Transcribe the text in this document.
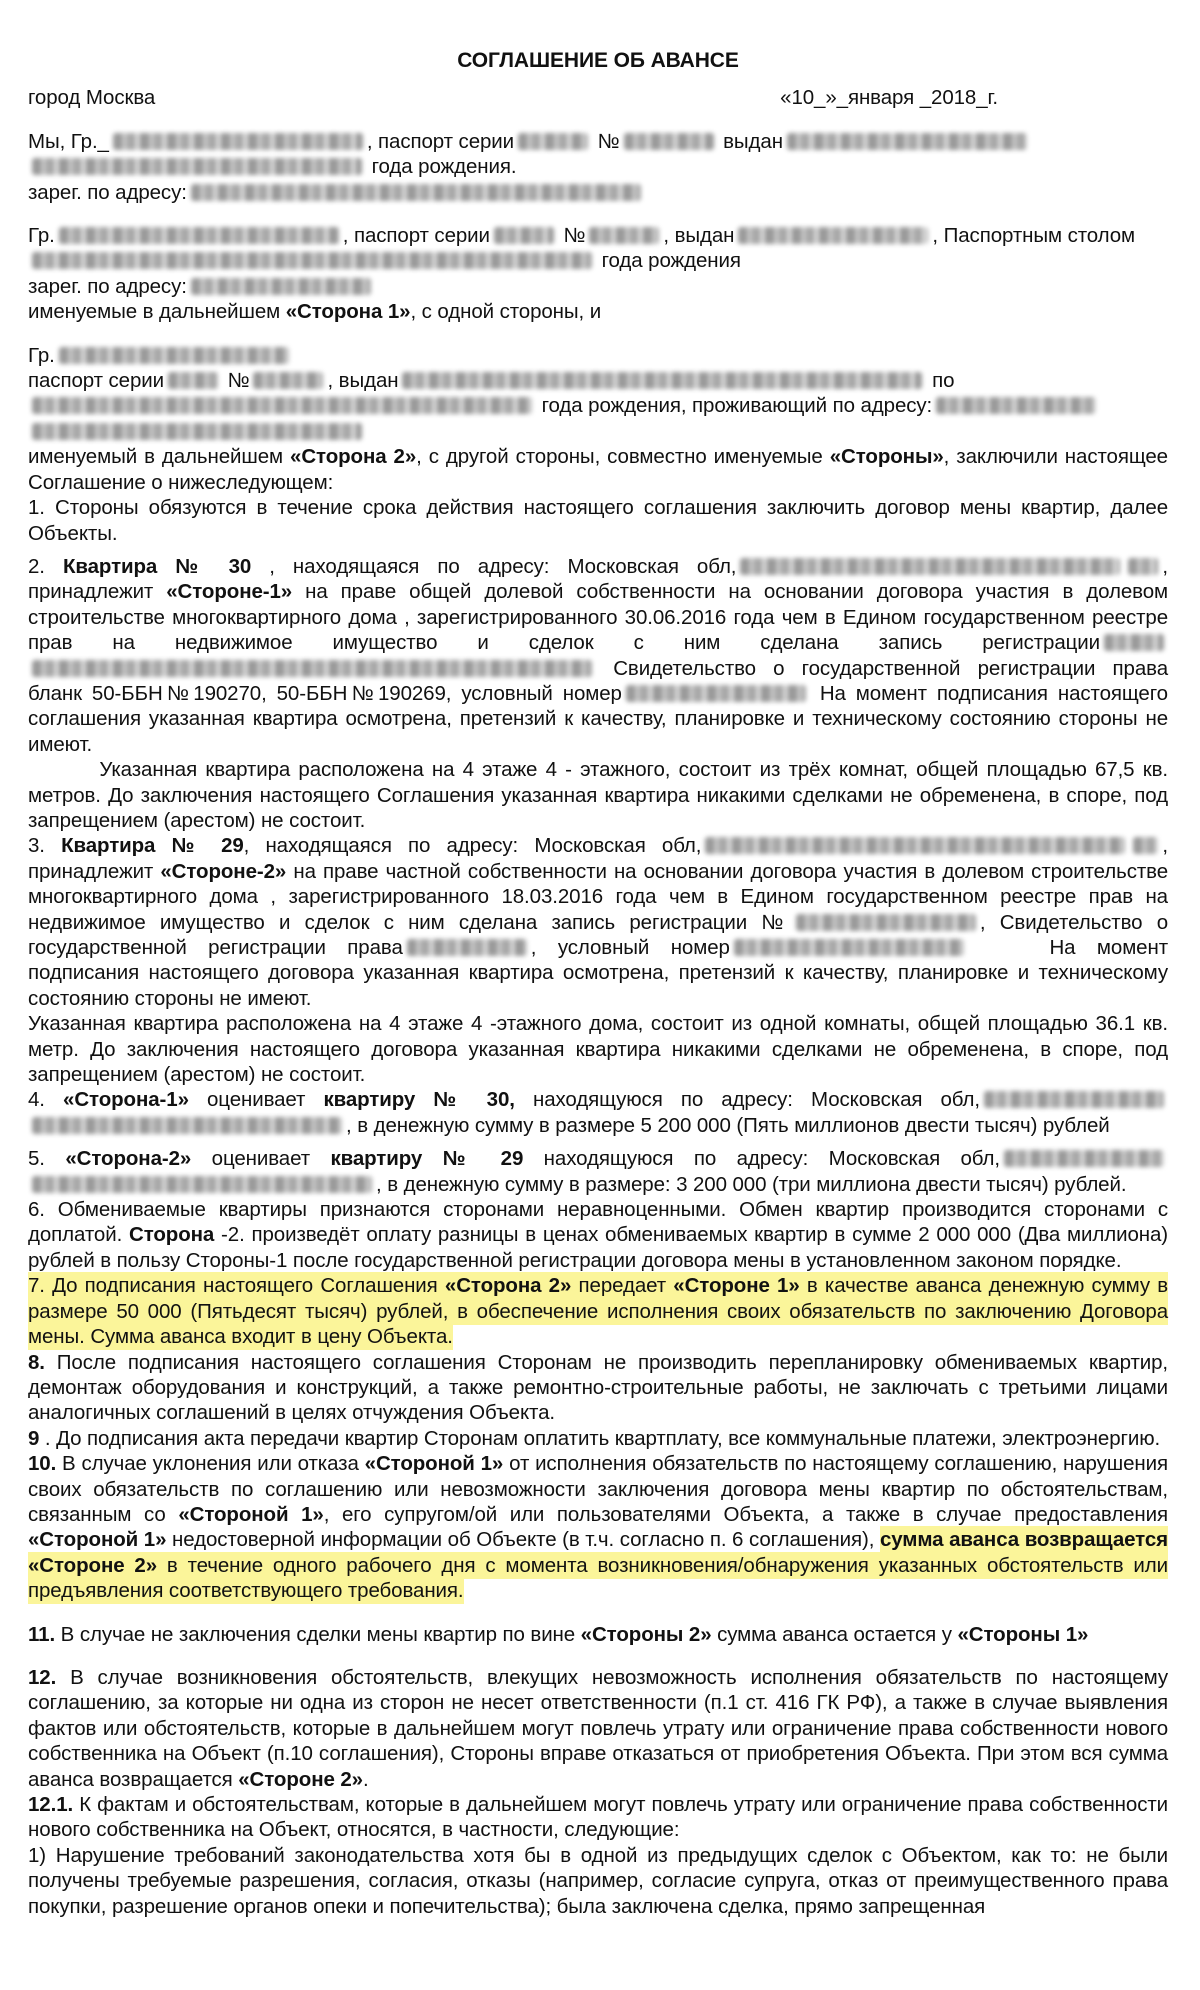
СОГЛАШЕНИЕ ОБ АВАНСЕ
город Москва	«10_»_января _2018_г.

Мы, Гр._	, паспорт серии	№	выдан года рождения.

зарег. по адресу:

Гр.	, паспорт серии	№	, выдан	, Паспортным столом года рождения

зарег. по адресу:

именуемые в дальнейшем «Сторона 1», с одной стороны, и

Гр.
паспорт серии	№	, выдан	по  года рождения, проживающий по адресу:

именуемый в дальнейшем «Сторона 2», с другой стороны, совместно именуемые «Стороны», заключили настоящее Соглашение о нижеследующем:

1. Стороны обязуются в течение срока действия настоящего соглашения заключить договор мены квартир, далее Объекты.

2. Квартира № 30 , находящаяся по адресу: Московская обл,	, принадлежит «Стороне-1» на праве общей долевой собственности на основании договора участия в долевом строительстве многоквартирного дома , зарегистрированного 30.06.2016 года чем в Едином государственном реестре прав на недвижимое имущество и сделок с ним сделана запись регистрации Свидетельство о государственной регистрации права бланк 50-ББН№190270, 50-ББН№190269, условный номер	На момент подписания настоящего соглашения указанная квартира осмотрена, претензий к качеству, планировке и техническому состоянию стороны не имеют.

    Указанная квартира расположена на 4 этаже 4 - этажного, состоит из трёх комнат, общей площадью 67,5 кв. метров. До заключения настоящего Соглашения указанная квартира никакими сделками не обременена, в споре, под запрещением (арестом) не состоит.

3. Квартира № 29, находящаяся по адресу: Московская обл,	, принадлежит «Стороне-2» на праве частной собственности на основании договора участия в долевом строительстве многоквартирного дома , зарегистрированного 18.03.2016 года чем в Едином государственном реестре прав на недвижимое имущество и сделок с ним сделана запись регистрации №	, Свидетельство о государственной регистрации права	, условный номер    	На момент подписания настоящего договора указанная квартира осмотрена, претензий к качеству, планировке и техническому состоянию стороны не имеют.

Указанная квартира расположена на 4 этаже 4 -этажного дома, состоит из одной комнаты, общей площадью 36.1 кв. метр. До заключения настоящего договора указанная квартира никакими сделками не обременена, в споре, под запрещением (арестом) не состоит.

4. «Сторона-1» оценивает квартиру № 30, находящуюся по адресу: Московская обл,, в денежную сумму в размере 5 200 000 (Пять миллионов двести тысяч) рублей

5. «Сторона-2» оценивает квартиру № 29 находящуюся по адресу: Московская обл,, в денежную сумму в размере: 3 200 000 (три миллиона двести тысяч) рублей.

6. Обмениваемые квартиры признаются сторонами неравноценными. Обмен квартир производится сторонами с доплатой. Сторона -2. произведёт оплату разницы в ценах обмениваемых квартир в сумме 2 000 000 (Два миллиона) рублей в пользу Стороны-1 после государственной регистрации договора мены в установленном законом порядке.

7. До подписания настоящего Соглашения «Сторона 2» передает «Стороне 1» в качестве аванса денежную сумму в размере 50 000 (Пятьдесят тысяч) рублей, в обеспечение исполнения своих обязательств по заключению Договора мены. Сумма аванса входит в цену Объекта.

8. После подписания настоящего соглашения Сторонам не производить перепланировку обмениваемых квартир, демонтаж оборудования и конструкций, а также ремонтно-строительные работы, не заключать с третьими лицами аналогичных соглашений в целях отчуждения Объекта.

9 . До подписания акта передачи квартир Сторонам оплатить квартплату, все коммунальные платежи, электроэнергию.

10. В случае уклонения или отказа «Стороной 1» от исполнения обязательств по настоящему соглашению, нарушения своих обязательств по соглашению или невозможности заключения договора мены квартир по обстоятельствам, связанным со «Стороной 1», его супругом/ой или пользователями Объекта, а также в случае предоставления «Стороной 1» недостоверной информации об Объекте (в т.ч. согласно п. 6 соглашения), сумма аванса возвращается «Стороне 2» в течение одного рабочего дня с момента возникновения/обнаружения указанных обстоятельств или предъявления соответствующего требования.

11. В случае не заключения сделки мены квартир по вине «Стороны 2» сумма аванса остается у «Стороны 1»

12. В случае возникновения обстоятельств, влекущих невозможность исполнения обязательств по настоящему соглашению, за которые ни одна из сторон не несет ответственности (п.1 ст. 416 ГК РФ), а также в случае выявления фактов или обстоятельств, которые в дальнейшем могут повлечь утрату или ограничение права собственности нового собственника на Объект (п.10 соглашения), Стороны вправе отказаться от приобретения Объекта. При этом вся сумма аванса возвращается «Стороне 2».

12.1. К фактам и обстоятельствам, которые в дальнейшем могут повлечь утрату или ограничение права собственности нового собственника на Объект, относятся, в частности, следующие:

1) Нарушение требований законодательства хотя бы в одной из предыдущих сделок с Объектом, как то: не были получены требуемые разрешения, согласия, отказы (например, согласие супруга, отказ от преимущественного права покупки, разрешение органов опеки и попечительства); была заключена сделка, прямо запрещенная
